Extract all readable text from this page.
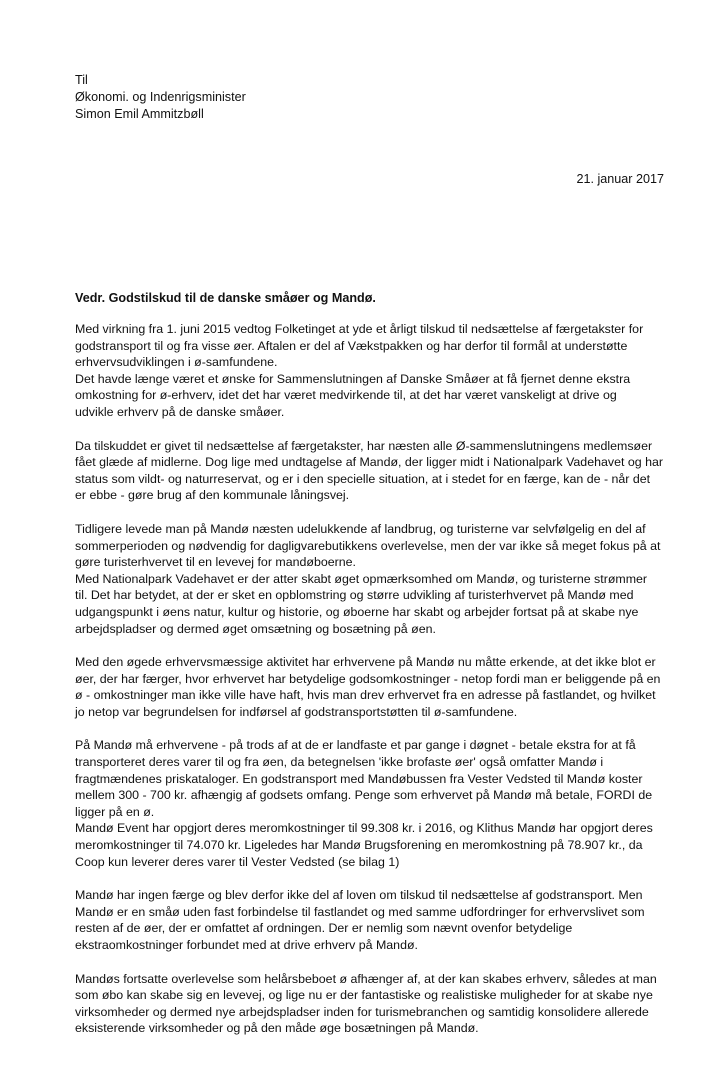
Til
Økonomi. og Indenrigsminister
Simon Emil Ammitzbøll
21. januar 2017
Vedr. Godstilskud til de danske småøer og Mandø.

Med virkning fra 1. juni 2015 vedtog Folketinget at yde et årligt tilskud til nedsættelse af færgetakster for
godstransport til og fra visse øer. Aftalen er del af Vækstpakken og har derfor til formål at understøtte
erhvervsudviklingen i ø-samfundene.
Det havde længe været et ønske for Sammenslutningen af Danske Småøer at få fjernet denne ekstra
omkostning for ø-erhverv, idet det har været medvirkende til, at det har været vanskeligt at drive og
udvikle erhverv på de danske småøer.

Da tilskuddet er givet til nedsættelse af færgetakster, har næsten alle Ø-sammenslutningens medlemsøer
fået glæde af midlerne. Dog lige med undtagelse af Mandø, der ligger midt i Nationalpark Vadehavet og har
status som vildt- og naturreservat, og er i den specielle situation, at i stedet for en færge, kan de - når det
er ebbe - gøre brug af den kommunale låningsvej.

Tidligere levede man på Mandø næsten udelukkende af landbrug, og turisterne var selvfølgelig en del af
sommerperioden og nødvendig for dagligvarebutikkens overlevelse, men der var ikke så meget fokus på at
gøre turisterhvervet til en levevej for mandøboerne.
Med Nationalpark Vadehavet er der atter skabt øget opmærksomhed om Mandø, og turisterne strømmer
til. Det har betydet, at der er sket en opblomstring og større udvikling af turisterhvervet på Mandø med
udgangspunkt i øens natur, kultur og historie, og øboerne har skabt og arbejder fortsat på at skabe nye
arbejdspladser og dermed øget omsætning og bosætning på øen.

Med den øgede erhvervsmæssige aktivitet har erhvervene på Mandø nu måtte erkende, at det ikke blot er
øer, der har færger, hvor erhvervet har betydelige godsomkostninger - netop fordi man er beliggende på en
ø - omkostninger man ikke ville have haft, hvis man drev erhvervet fra en adresse på fastlandet, og hvilket
jo netop var begrundelsen for indførsel af godstransportstøtten til ø-samfundene.

På Mandø må erhvervene - på trods af at de er landfaste et par gange i døgnet - betale ekstra for at få
transporteret deres varer til og fra øen, da betegnelsen 'ikke brofaste øer' også omfatter Mandø i
fragtmændenes priskataloger. En godstransport med Mandøbussen fra Vester Vedsted til Mandø koster
mellem 300 - 700 kr. afhængig af godsets omfang. Penge som erhvervet på Mandø må betale, FORDI de
ligger på en ø.
Mandø Event har opgjort deres meromkostninger til 99.308 kr. i 2016, og Klithus Mandø har opgjort deres
meromkostninger til 74.070 kr. Ligeledes har Mandø Brugsforening en meromkostning på 78.907 kr., da
Coop kun leverer deres varer til Vester Vedsted (se bilag 1)

Mandø har ingen færge og blev derfor ikke del af loven om tilskud til nedsættelse af godstransport. Men
Mandø er en småø uden fast forbindelse til fastlandet og med samme udfordringer for erhvervslivet som
resten af de øer, der er omfattet af ordningen. Der er nemlig som nævnt ovenfor betydelige
ekstraomkostninger forbundet med at drive erhverv på Mandø.

Mandøs fortsatte overlevelse som helårsbeboet ø afhænger af, at der kan skabes erhverv, således at man
som øbo kan skabe sig en levevej, og lige nu er der fantastiske og realistiske muligheder for at skabe nye
virksomheder og dermed nye arbejdspladser inden for turismebranchen og samtidig konsolidere allerede
eksisterende virksomheder og på den måde øge bosætningen på Mandø.
